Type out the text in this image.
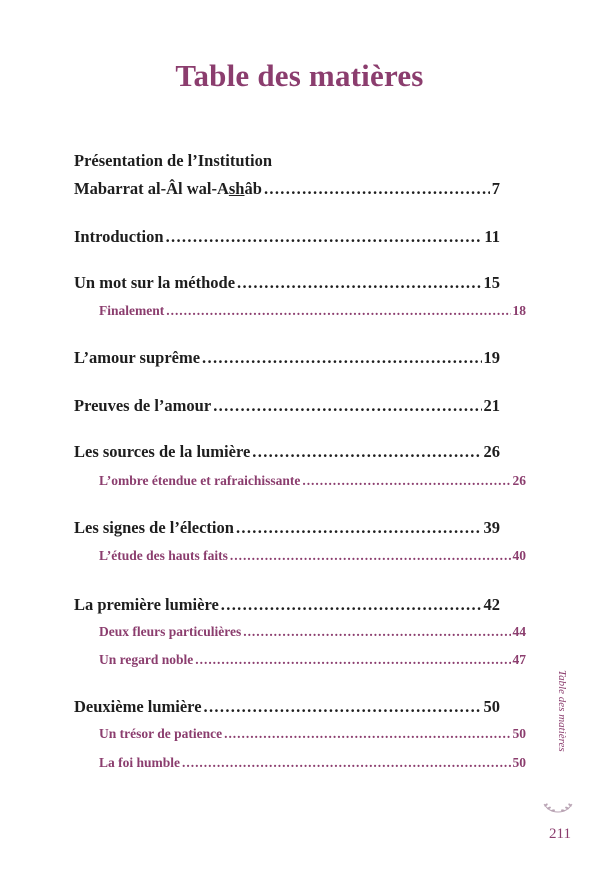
Table des matières
Présentation de l’Institution
Mabarrat al-Âl wal-Ashâb . . .	7
Introduction . . .	11
Un mot sur la méthode . . .	15
Finalement . . .	18
L’amour suprême . . .	19
Preuves de l’amour . . .	21
Les sources de la lumière . . .	26
L’ombre étendue et rafraichissante . . .	26
Les signes de l’élection . . .	39
L’étude des hauts faits . . .	40
La première lumière . . .	42
Deux fleurs particulières . . .	44
Un regard noble . . .	47
Deuxième lumière . . .	50
Un trésor de patience . . .	50
La foi humble . . .	50
Table des matières
211
